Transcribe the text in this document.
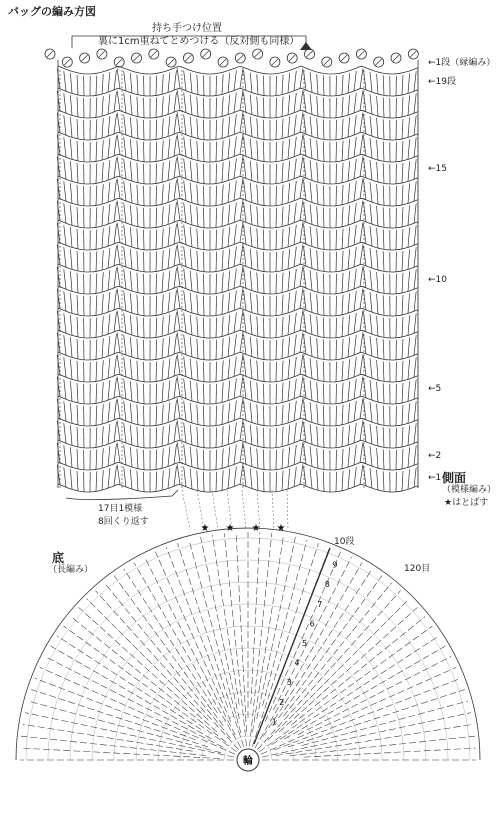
★ ★ ★ ★
輪
1
2
3
4
5
6
7
8
9
バッグの編み方図
持ち手つけ位置
裏に1cm重ねてとめつける（反対側も同様）
←1段（縁編み）
←19段
←15
←10
←5
←2
←1 側面
（模様編み）
★はとばす
17目1模様
8回くり返す
底
（長編み）
10段
120目
